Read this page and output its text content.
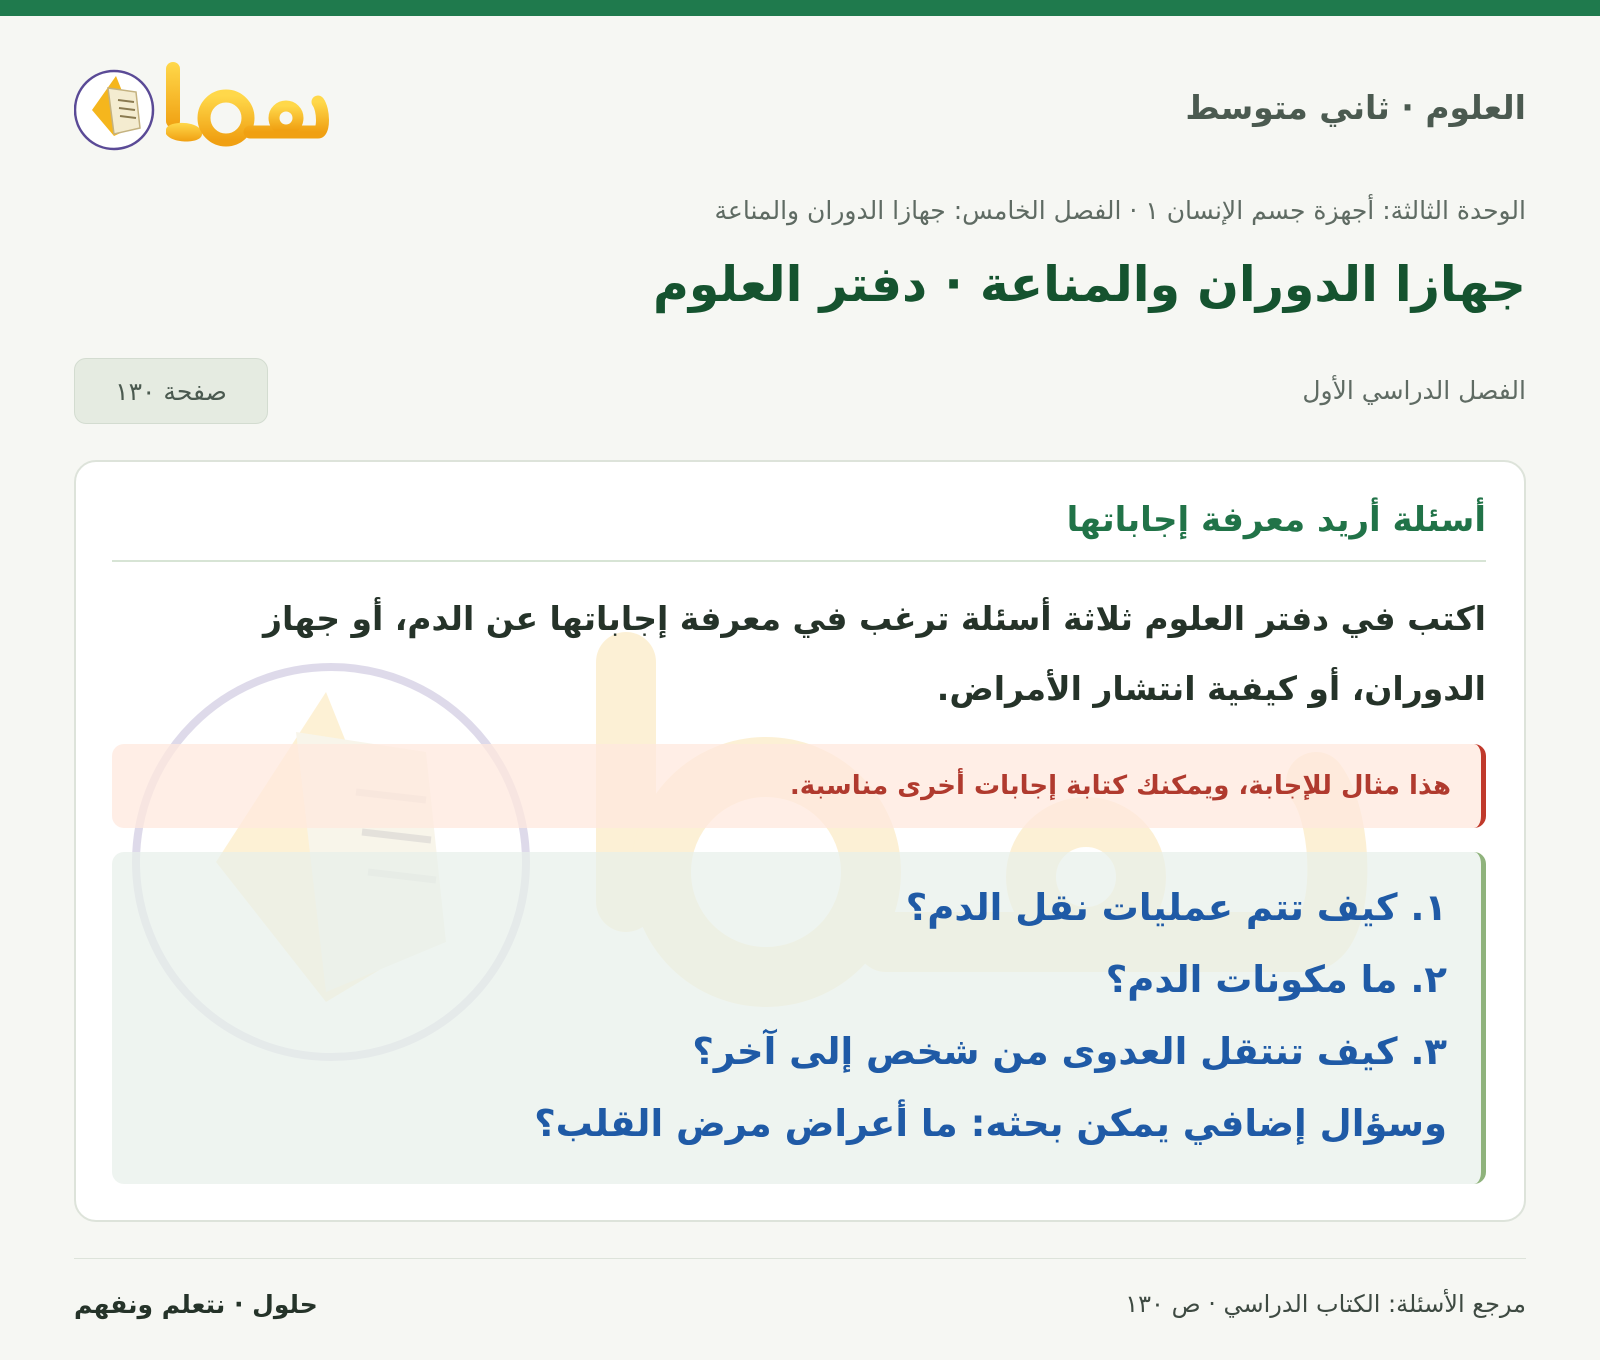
العلوم · ثاني متوسط
الوحدة الثالثة: أجهزة جسم الإنسان ١ · الفصل الخامس: جهازا الدوران والمناعة
جهازا الدوران والمناعة · دفتر العلوم
الفصل الدراسي الأول
صفحة ١٣٠
أسئلة أريد معرفة إجاباتها

اكتب في دفتر العلوم ثلاثة أسئلة ترغب في معرفة إجاباتها عن الدم، أو جهاز الدوران، أو كيفية انتشار الأمراض.

هذا مثال للإجابة، ويمكنك كتابة إجابات أخرى مناسبة.
١. كيف تتم عمليات نقل الدم؟
٢. ما مكونات الدم؟
٣. كيف تنتقل العدوى من شخص إلى آخر؟
وسؤال إضافي يمكن بحثه: ما أعراض مرض القلب؟
مرجع الأسئلة: الكتاب الدراسي · ص ١٣٠
حلول · نتعلم ونفهم
